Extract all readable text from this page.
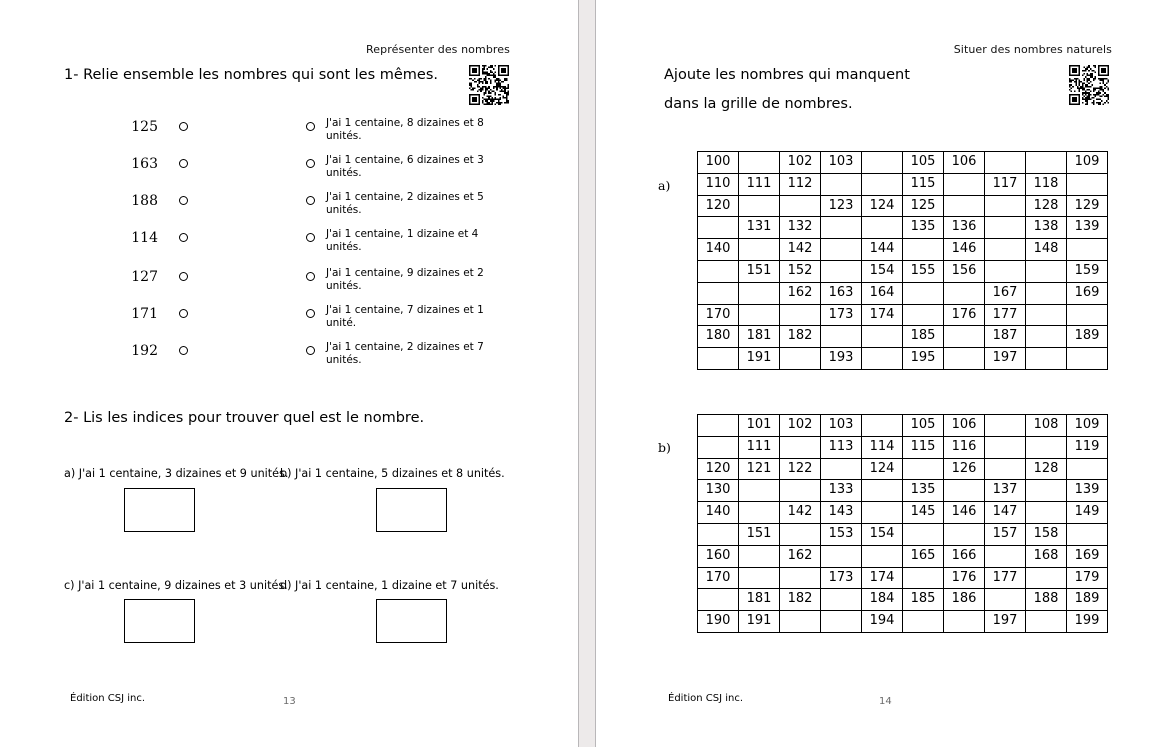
Représenter des nombres
1- Relie ensemble les nombres qui sont les mêmes.
125	J'ai 1 centaine, 8 dizaines et 8 unités.
163	J'ai 1 centaine, 6 dizaines et 3 unités.
188	J'ai 1 centaine, 2 dizaines et 5 unités.
114	J'ai 1 centaine, 1 dizaine et 4 unités.
127	J'ai 1 centaine, 9 dizaines et 2 unités.
171	J'ai 1 centaine, 7 dizaines et 1 unité.
192	J'ai 1 centaine, 2 dizaines et 7 unités.
2- Lis les indices pour trouver quel est le nombre.
a) J'ai 1 centaine, 3 dizaines et 9 unités.
b) J'ai 1 centaine, 5 dizaines et 8 unités.
c) J'ai 1 centaine, 9 dizaines et 3 unités.
d) J'ai 1 centaine, 1 dizaine et 7 unités.
Édition CSJ inc.	13
Situer des nombres naturels
Ajoute les nombres qui manquent
dans la grille de nombres.
a)
100		102	103		105	106			109
110	111	112			115		117	118	
120			123	124	125			128	129
	131	132			135	136		138	139
140		142		144		146		148	
	151	152		154	155	156			159
		162	163	164			167		169
170			173	174		176	177		
180	181	182			185		187		189
	191		193		195		197		
b)
	101	102	103		105	106		108	109
	111		113	114	115	116			119
120	121	122		124		126		128	
130			133		135		137		139
140		142	143		145	146	147		149
	151		153	154			157	158	
160		162			165	166		168	169
170			173	174		176	177		179
	181	182		184	185	186		188	189
190	191			194			197		199
Édition CSJ inc.	14
